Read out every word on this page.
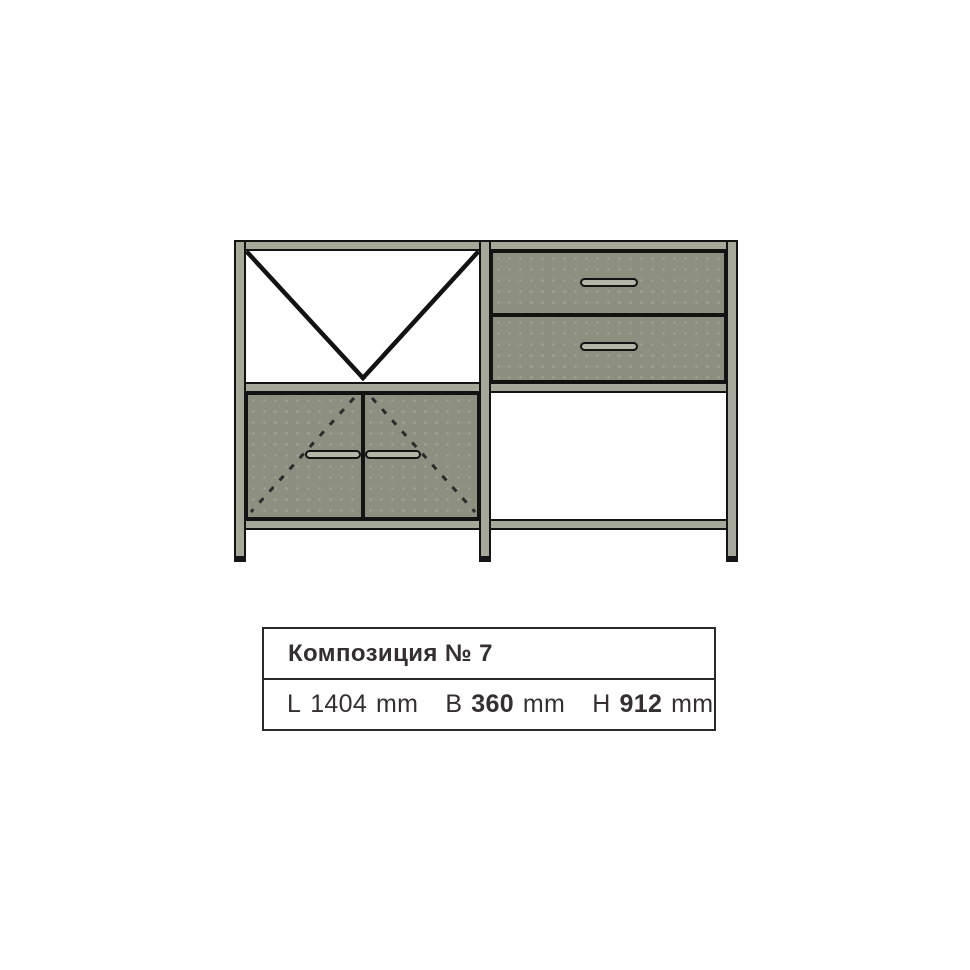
Композиция № 7
L 1404 mm B 360 mm H 912 mm
